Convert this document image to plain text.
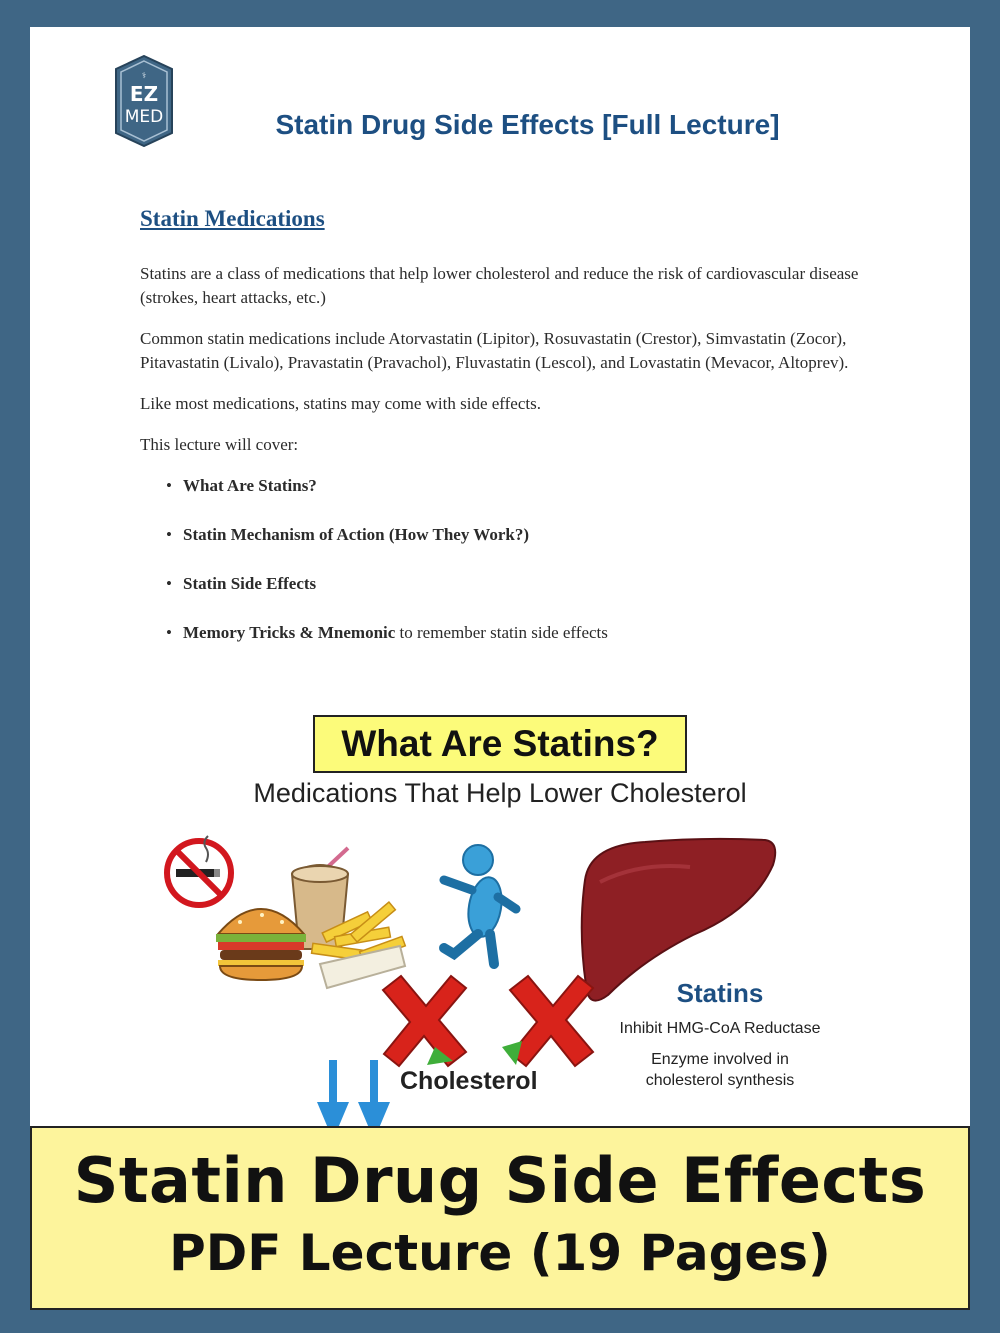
⚕
EZ
MED	Statin Drug Side Effects [Full Lecture]
Statin Medications

Statins are a class of medications that help lower cholesterol and reduce the risk of cardiovascular disease (strokes, heart attacks, etc.)

Common statin medications include Atorvastatin (Lipitor), Rosuvastatin (Crestor), Simvastatin (Zocor), Pitavastatin (Livalo), Pravastatin (Pravachol), Fluvastatin (Lescol), and Lovastatin (Mevacor, Altoprev).

Like most medications, statins may come with side effects.

This lecture will cover:

• What Are Statins?
• Statin Mechanism of Action (How They Work?)
• Statin Side Effects
• Memory Tricks & Mnemonic to remember statin side effects
What Are Statins?
Medications That Help Lower Cholesterol
Cholesterol
Statins
Inhibit HMG-CoA Reductase
Enzyme involved in
cholesterol synthesis
Statin Drug Side Effects
PDF Lecture (19 Pages)
